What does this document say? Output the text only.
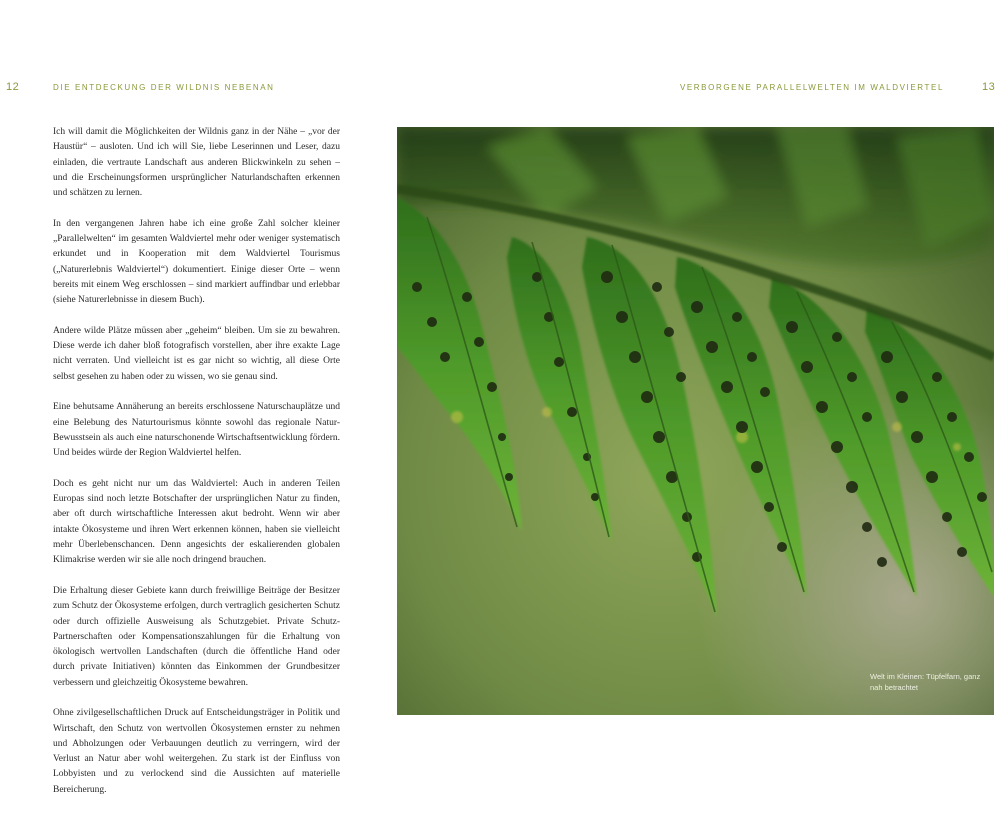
12	DIE ENTDECKUNG DER WILDNIS NEBENAN	VERBORGENE PARALLELWELTEN IM WALDVIERTEL	13

Ich will damit die Möglichkeiten der Wildnis ganz in der Nähe – „vor der Haustür“ – ausloten. Und ich will Sie, liebe Leserinnen und Leser, dazu einladen, die vertraute Landschaft aus anderen Blickwinkeln zu sehen – und die Erscheinungsformen ursprünglicher Naturlandschaften erkennen und schätzen zu lernen.

In den vergangenen Jahren habe ich eine große Zahl solcher kleiner „Parallelwelten“ im gesamten Waldviertel mehr oder weniger systematisch erkundet und in Kooperation mit dem Waldviertel Tourismus („Naturerlebnis Waldviertel“) dokumentiert. Einige dieser Orte – wenn bereits mit einem Weg erschlossen – sind markiert auffindbar und erlebbar (siehe Naturerlebnisse in diesem Buch).

Andere wilde Plätze müssen aber „geheim“ bleiben. Um sie zu bewahren. Diese werde ich daher bloß fotografisch vorstellen, aber ihre exakte Lage nicht verraten. Und vielleicht ist es gar nicht so wichtig, all diese Orte selbst gesehen zu haben oder zu wissen, wo sie genau sind.

Eine behutsame Annäherung an bereits erschlossene Naturschauplätze und eine Belebung des Naturtourismus könnte sowohl das regionale Natur-Bewusstsein als auch eine naturschonende Wirtschaftsentwicklung fördern. Und beides würde der Region Waldviertel helfen.

Doch es geht nicht nur um das Waldviertel: Auch in anderen Teilen Europas sind noch letzte Botschafter der ursprünglichen Natur zu finden, aber oft durch wirtschaftliche Interessen akut bedroht. Wenn wir aber intakte Ökosysteme und ihren Wert erkennen können, haben sie vielleicht mehr Überlebenschancen. Denn angesichts der eskalierenden globalen Klimakrise werden wir sie alle noch dringend brauchen.

Die Erhaltung dieser Gebiete kann durch freiwillige Beiträge der Besitzer zum Schutz der Ökosysteme erfolgen, durch vertraglich gesicherten Schutz oder durch offizielle Ausweisung als Schutzgebiet. Private Schutz-Partnerschaften oder Kompensationszahlungen für die Erhaltung von ökologisch wertvollen Landschaften (durch die öffentliche Hand oder durch private Initiativen) könnten das Einkommen der Grundbesitzer verbessern und gleichzeitig Ökosysteme bewahren.

Ohne zivilgesellschaftlichen Druck auf Entscheidungsträger in Politik und Wirtschaft, den Schutz von wertvollen Ökosystemen ernster zu nehmen und Abholzungen oder Verbauungen deutlich zu verringern, wird der Verlust an Natur aber wohl weitergehen. Zu stark ist der Einfluss von Lobbyisten und zu verlockend sind die Aussichten auf materielle Bereicherung.

Welt im Kleinen: Tüpfelfarn, ganz nah betrachtet
